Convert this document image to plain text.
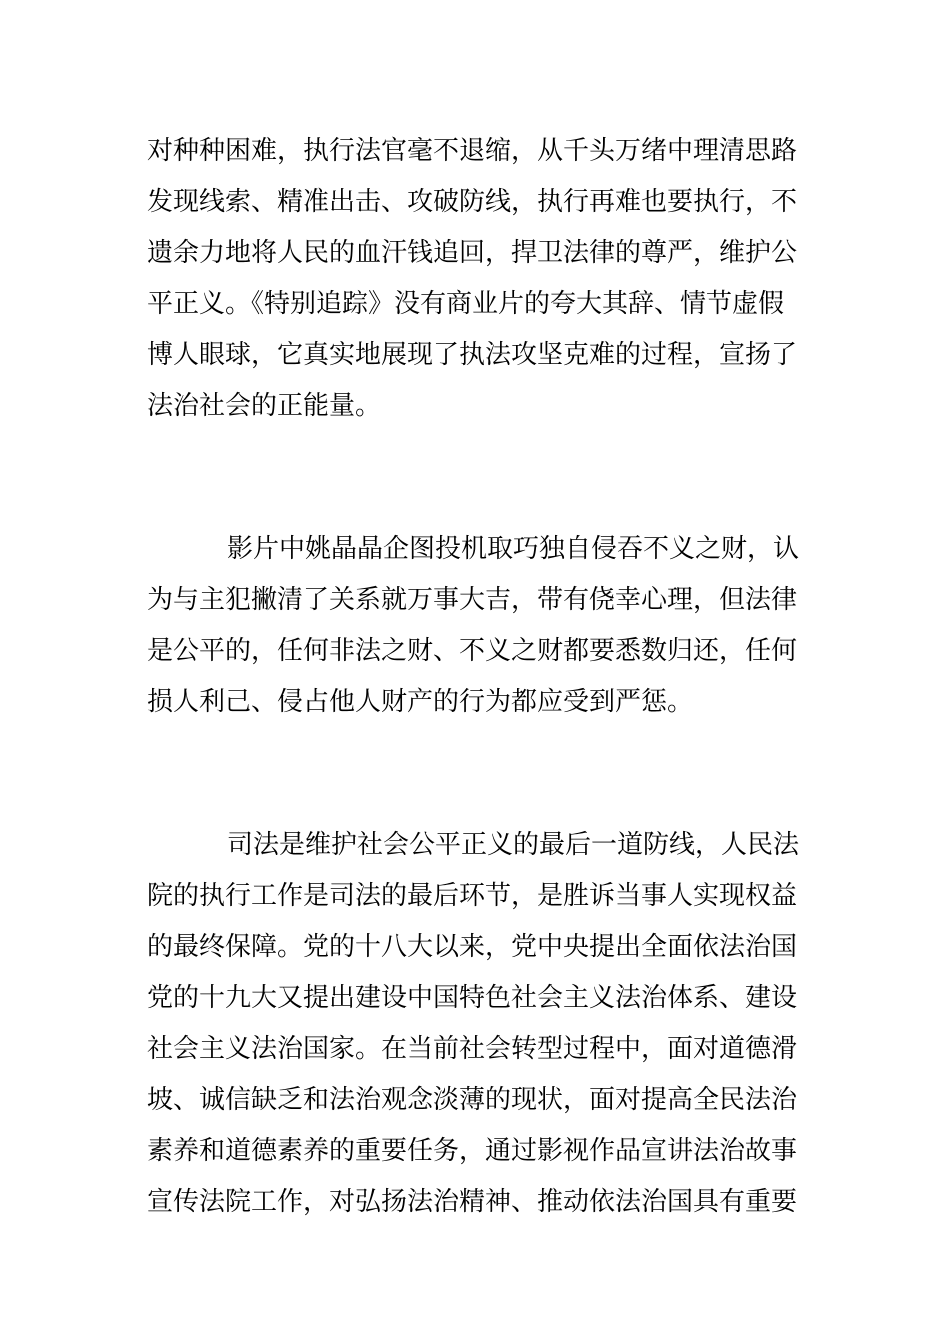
对种种困难，执行法官毫不退缩，从千头万绪中理清思路
发现线索、精准出击、攻破防线，执行再难也要执行，不
遗余力地将人民的血汗钱追回，捍卫法律的尊严，维护公
平正义。《特别追踪》没有商业片的夸大其辞、情节虚假
博人眼球，它真实地展现了执法攻坚克难的过程，宣扬了
法治社会的正能量。
影片中姚晶晶企图投机取巧独自侵吞不义之财，认
为与主犯撇清了关系就万事大吉，带有侥幸心理，但法律
是公平的，任何非法之财、不义之财都要悉数归还，任何
损人利己、侵占他人财产的行为都应受到严惩。
司法是维护社会公平正义的最后一道防线，人民法
院的执行工作是司法的最后环节，是胜诉当事人实现权益
的最终保障。党的十八大以来，党中央提出全面依法治国
党的十九大又提出建设中国特色社会主义法治体系、建设
社会主义法治国家。在当前社会转型过程中，面对道德滑
坡、诚信缺乏和法治观念淡薄的现状，面对提高全民法治
素养和道德素养的重要任务，通过影视作品宣讲法治故事
宣传法院工作，对弘扬法治精神、推动依法治国具有重要
